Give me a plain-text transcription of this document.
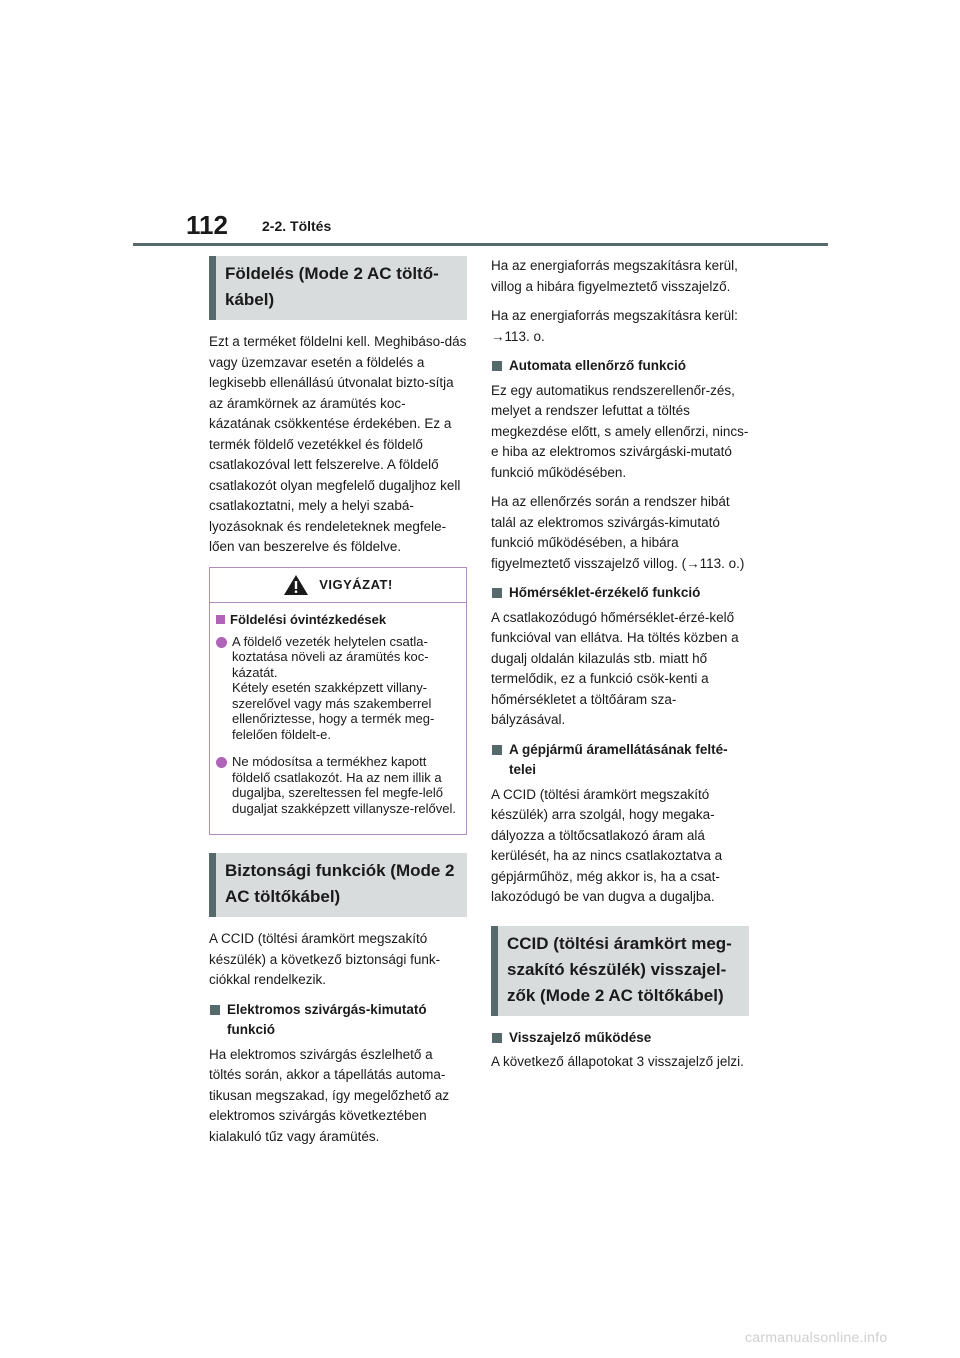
112 2-2. Töltés
Földelés (Mode 2 AC töltő-kábel)

Ezt a terméket földelni kell. Meghibáso-dás vagy üzemzavar esetén a földelés a legkisebb ellenállású útvonalat bizto-sítja az áramkörnek az áramütés koc-kázatának csökkentése érdekében. Ez a termék földelő vezetékkel és földelő csatlakozóval lett felszerelve. A földelő csatlakozót olyan megfelelő dugaljhoz kell csatlakoztatni, mely a helyi szabá-lyozásoknak és rendeleteknek megfele-lően van beszerelve és földelve.

VIGYÁZAT!
Földelési óvintézkedések
A földelő vezeték helytelen csatla-koztatása növeli az áramütés koc-kázatát.
Kétely esetén szakképzett villany-szerelővel vagy más szakemberrel ellenőriztesse, hogy a termék meg-felelően földelt-e.
Ne módosítsa a termékhez kapott földelő csatlakozót. Ha az nem illik a dugaljba, szereltessen fel megfe-lelő dugaljat szakképzett villanysze-relővel.
Biztonsági funkciók (Mode 2 AC töltőkábel)

A CCID (töltési áramkört megszakító készülék) a következő biztonsági funk-ciókkal rendelkezik.

Elektromos szivárgás-kimutató funkció

Ha elektromos szivárgás észlelhető a töltés során, akkor a tápellátás automa-tikusan megszakad, így megelőzhető az elektromos szivárgás következtében kialakuló tűz vagy áramütés.

Ha az energiaforrás megszakításra kerül, villog a hibára figyelmeztető visszajelző.

Ha az energiaforrás megszakításra kerül: →113. o.

Automata ellenőrző funkció

Ez egy automatikus rendszerellenőr-zés, melyet a rendszer lefuttat a töltés megkezdése előtt, s amely ellenőrzi, nincs-e hiba az elektromos szivárgáski-mutató funkció működésében.

Ha az ellenőrzés során a rendszer hibát talál az elektromos szivárgás-kimutató funkció működésében, a hibára figyelmeztető visszajelző villog. (→113. o.)

Hőmérséklet-érzékelő funkció

A csatlakozódugó hőmérséklet-érzé-kelő funkcióval van ellátva. Ha töltés közben a dugalj oldalán kilazulás stb. miatt hő termelődik, ez a funkció csök-kenti a hőmérsékletet a töltőáram sza-bályzásával.

A gépjármű áramellátásának felté-telei

A CCID (töltési áramkört megszakító készülék) arra szolgál, hogy megaka-dályozza a töltőcsatlakozó áram alá kerülését, ha az nincs csatlakoztatva a gépjárműhöz, még akkor is, ha a csat-lakozódugó be van dugva a dugaljba.

CCID (töltési áramkört meg-szakító készülék) visszajel-zők (Mode 2 AC töltőkábel)
Visszajelző működése

A következő állapotokat 3 visszajelző jelzi.

carmanualsonline.info
